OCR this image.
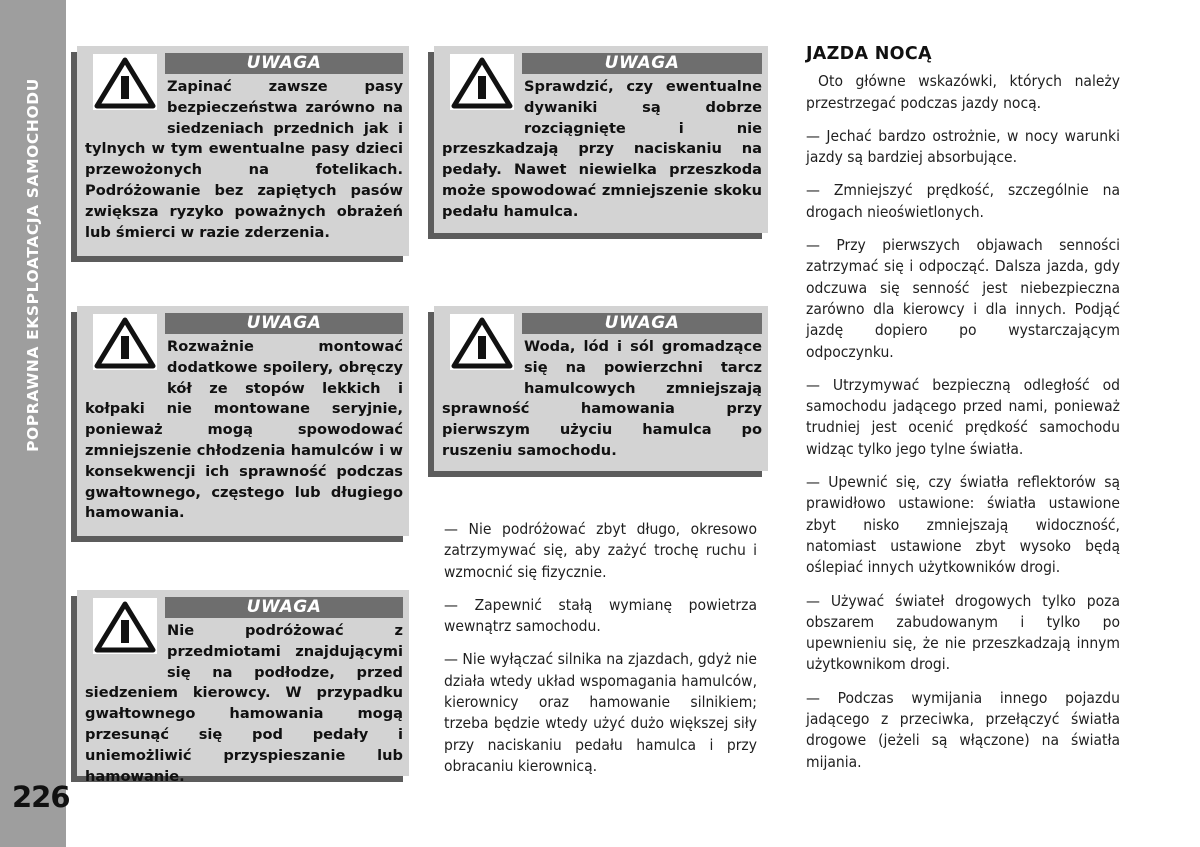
POPRAWNA EKSPLOATACJA SAMOCHODU
226
UWAGA
Zapinać zawsze pasy bezpieczeństwa zarówno na siedzeniach przednich jak i tylnych w tym ewentualne pasy dzieci przewożonych na fotelikach. Podróżowanie bez zapiętych pasów zwiększa ryzyko poważnych obrażeń lub śmierci w razie zderzenia.
UWAGA
Sprawdzić, czy ewentualne dywaniki są dobrze rozciągnięte i nie przeszkadzają przy naciskaniu na pedały. Nawet niewielka przeszkoda może spowodować zmniejszenie skoku pedału hamulca.
UWAGA
Rozważnie montować dodatkowe spoilery, obręczy kół ze stopów lekkich i kołpaki nie montowane seryjnie, ponieważ mogą spowodować zmniejszenie chłodzenia hamulców i w konsekwencji ich sprawność podczas gwałtownego, częstego lub długiego hamowania.
UWAGA
Woda, lód i sól gromadzące się na powierzchni tarcz hamulcowych zmniejszają sprawność hamowania przy pierwszym użyciu hamulca po ruszeniu samochodu.
UWAGA
Nie podróżować z przedmiotami znajdującymi się na podłodze, przed siedzeniem kierowcy. W przypadku gwałtownego hamowania mogą przesunąć się pod pedały i uniemożliwić przyspieszanie lub hamowanie.

— Nie podróżować zbyt długo, okresowo zatrzymywać się, aby zażyć trochę ruchu i wzmocnić się fizycznie.

— Zapewnić stałą wymianę powietrza wewnątrz samochodu.

— Nie wyłączać silnika na zjazdach, gdyż nie działa wtedy układ wspomagania hamulców, kierownicy oraz hamowanie silnikiem; trzeba będzie wtedy użyć dużo większej siły przy naciskaniu pedału hamulca i przy obracaniu kierownicą.

JAZDA NOCĄ

Oto główne wskazówki, których należy przestrzegać podczas jazdy nocą.

— Jechać bardzo ostrożnie, w nocy warunki jazdy są bardziej absorbujące.

— Zmniejszyć prędkość, szczególnie na drogach nieoświetlonych.

— Przy pierwszych objawach senności zatrzymać się i odpocząć. Dalsza jazda, gdy odczuwa się senność jest niebezpieczna zarówno dla kierowcy i dla innych. Podjąć jazdę dopiero po wystarczającym odpoczynku.

— Utrzymywać bezpieczną odległość od samochodu jadącego przed nami, ponieważ trudniej jest ocenić prędkość samochodu widząc tylko jego tylne światła.

— Upewnić się, czy światła reflektorów są prawidłowo ustawione: światła ustawione zbyt nisko zmniejszają widoczność, natomiast ustawione zbyt wysoko będą oślepiać innych użytkowników drogi.

— Używać świateł drogowych tylko poza obszarem zabudowanym i tylko po upewnieniu się, że nie przeszkadzają innym użytkownikom drogi.

— Podczas wymijania innego pojazdu jadącego z przeciwka, przełączyć światła drogowe (jeżeli są włączone) na światła mijania.
